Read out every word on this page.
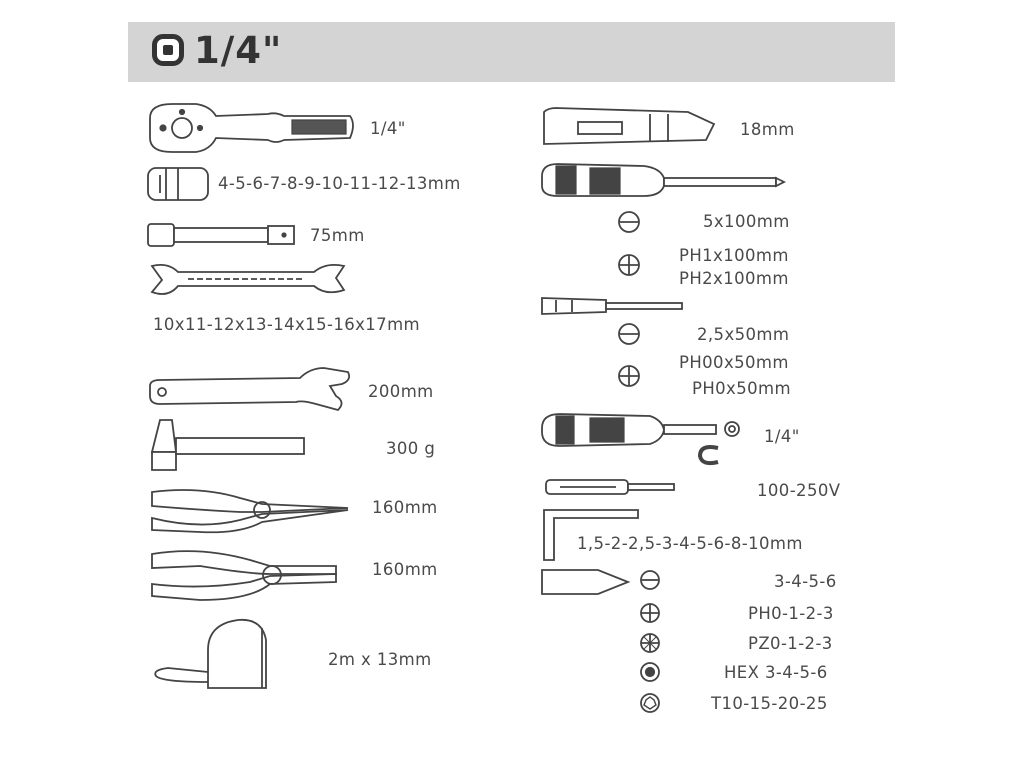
1/4"
1/4"
4-5-6-7-8-9-10-11-12-13mm
75mm
10x11-12x13-14x15-16x17mm
200mm
300 g
160mm
160mm
2m x 13mm
18mm
5x100mm
PH1x100mm
PH2x100mm
2,5x50mm
PH00x50mm
PH0x50mm
1/4"
100-250V
1,5-2-2,5-3-4-5-6-8-10mm
3-4-5-6
PH0-1-2-3
PZ0-1-2-3
HEX 3-4-5-6
T10-15-20-25
